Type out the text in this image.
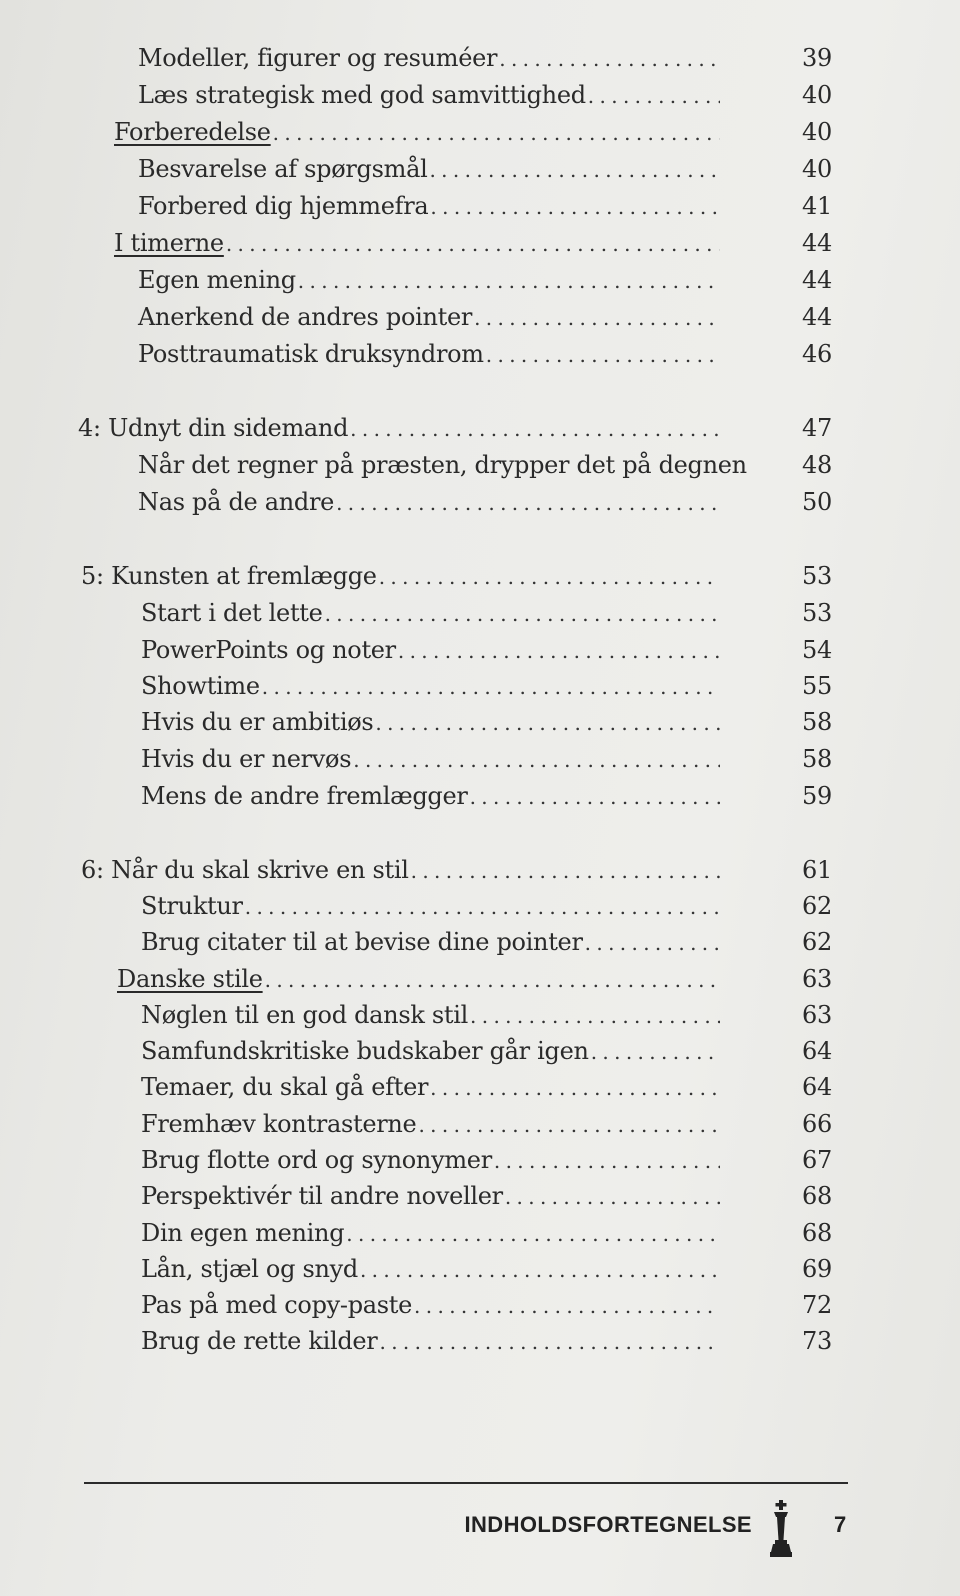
Modeller, figurer og resuméer . . .	39
Læs strategisk med god samvittighed . . .	40
Forberedelse . . .	40
Besvarelse af spørgsmål . . .	40
Forbered dig hjemmefra . . .	41
I timerne . . .	44
Egen mening . . .	44
Anerkend de andres pointer . . .	44
Posttraumatisk druksyndrom . . .	46
4: Udnyt din sidemand . . .	47
Når det regner på præsten, drypper det på degnen	48
Nas på de andre . . .	50
5: Kunsten at fremlægge . . .	53
Start i det lette . . .	53
PowerPoints og noter . . .	54
Showtime . . .	55
Hvis du er ambitiøs . . .	58
Hvis du er nervøs . . .	58
Mens de andre fremlægger . . .	59
6: Når du skal skrive en stil . . .	61
Struktur . . .	62
Brug citater til at bevise dine pointer . . .	62
Danske stile . . .	63
Nøglen til en god dansk stil . . .	63
Samfundskritiske budskaber går igen . . .	64
Temaer, du skal gå efter . . .	64
Fremhæv kontrasterne . . .	66
Brug flotte ord og synonymer . . .	67
Perspektivér til andre noveller . . .	68
Din egen mening . . .	68
Lån, stjæl og snyd . . .	69
Pas på med copy-paste . . .	72
Brug de rette kilder . . .	73
INDHOLDSFORTEGNELSE	7
